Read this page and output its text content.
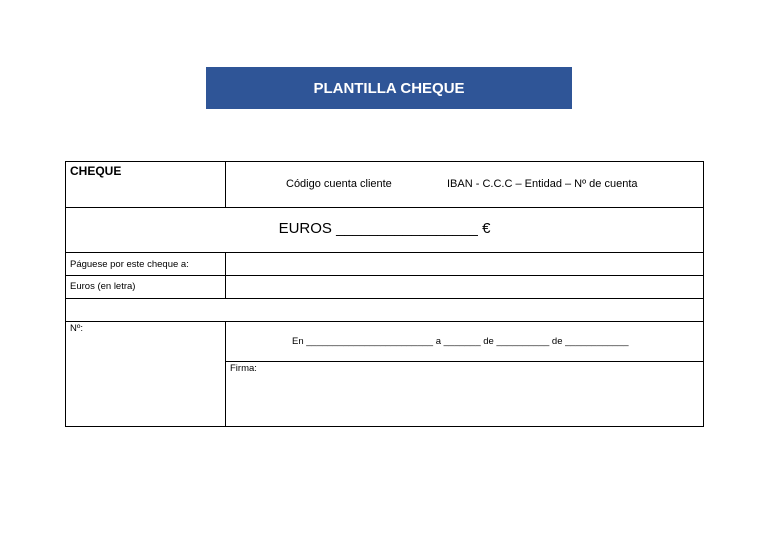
PLANTILLA CHEQUE
CHEQUE
Código cuenta cliente	IBAN - C.C.C – Entidad – Nº de cuenta
EUROS _________________ €
Páguese por este cheque a:
Euros (en letra)
Nº:
En ________________________ a _______ de __________ de ____________
Firma:
